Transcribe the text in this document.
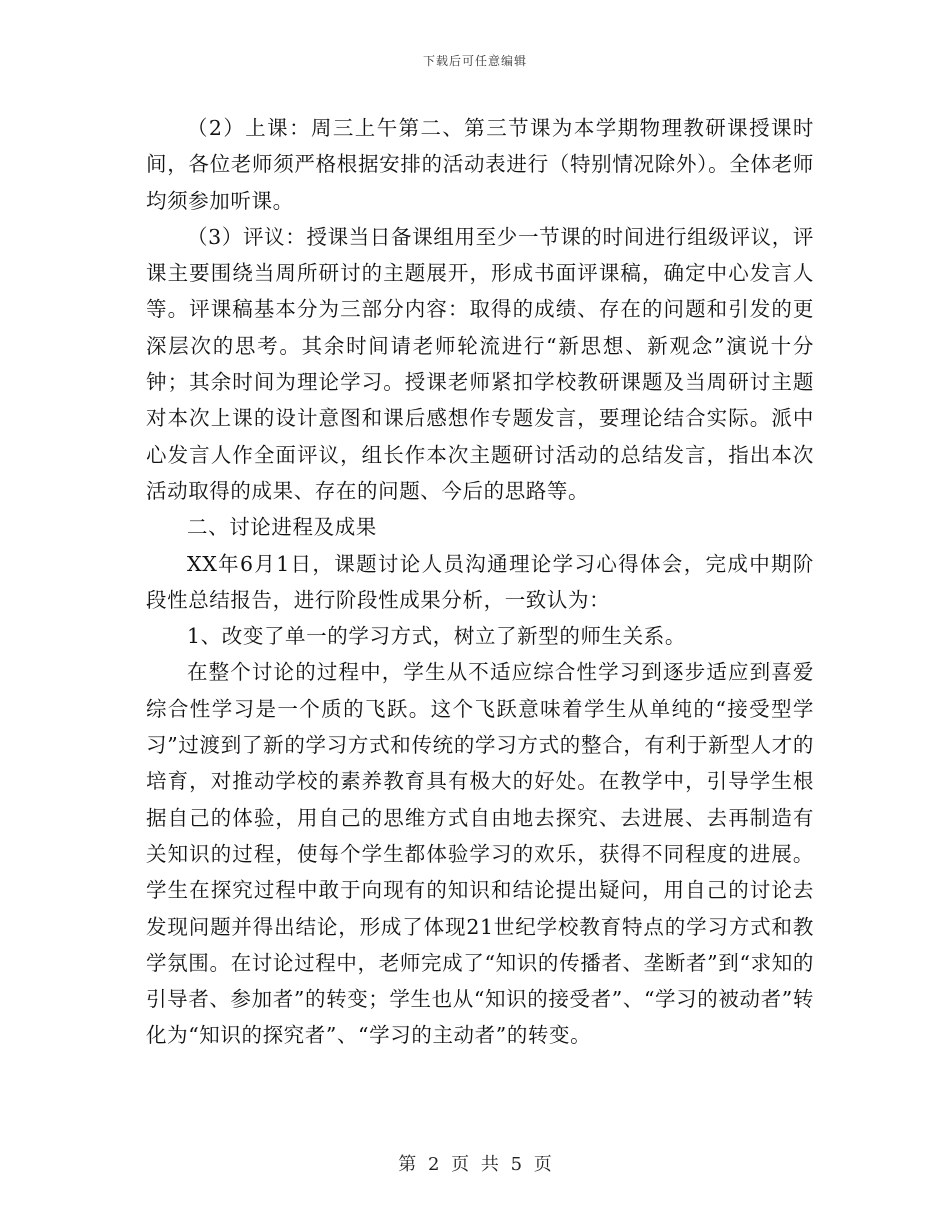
下载后可任意编辑

（2）上课：周三上午第二、第三节课为本学期物理教研课授课时间，各位老师须严格根据安排的活动表进行（特别情况除外）。全体老师均须参加听课。

（3）评议：授课当日备课组用至少一节课的时间进行组级评议，评课主要围绕当周所研讨的主题展开，形成书面评课稿，确定中心发言人等。评课稿基本分为三部分内容：取得的成绩、存在的问题和引发的更深层次的思考。其余时间请老师轮流进行“新思想、新观念”演说十分钟；其余时间为理论学习。授课老师紧扣学校教研课题及当周研讨主题对本次上课的设计意图和课后感想作专题发言，要理论结合实际。派中心发言人作全面评议，组长作本次主题研讨活动的总结发言，指出本次活动取得的成果、存在的问题、今后的思路等。

二、讨论进程及成果

XX年6月1日，课题讨论人员沟通理论学习心得体会，完成中期阶段性总结报告，进行阶段性成果分析，一致认为：

1、改变了单一的学习方式，树立了新型的师生关系。

在整个讨论的过程中，学生从不适应综合性学习到逐步适应到喜爱综合性学习是一个质的飞跃。这个飞跃意味着学生从单纯的“接受型学习”过渡到了新的学习方式和传统的学习方式的整合，有利于新型人才的培育，对推动学校的素养教育具有极大的好处。在教学中，引导学生根据自己的体验，用自己的思维方式自由地去探究、去进展、去再制造有关知识的过程，使每个学生都体验学习的欢乐，获得不同程度的进展。学生在探究过程中敢于向现有的知识和结论提出疑问，用自己的讨论去发现问题并得出结论，形成了体现21世纪学校教育特点的学习方式和教学氛围。在讨论过程中，老师完成了“知识的传播者、垄断者”到“求知的引导者、参加者”的转变；学生也从“知识的接受者”、“学习的被动者”转化为“知识的探究者”、“学习的主动者”的转变。

第 2 页 共 5 页
